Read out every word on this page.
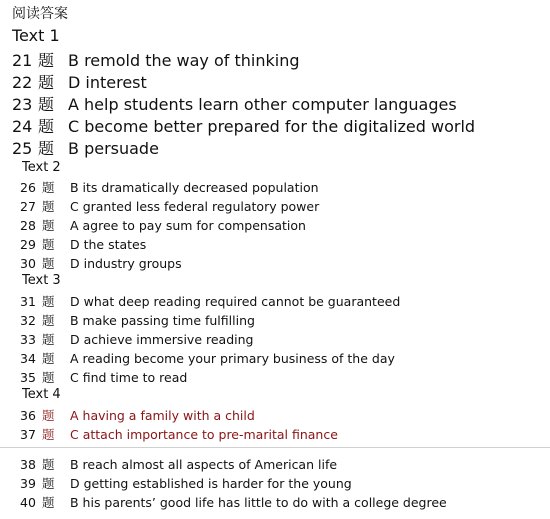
阅读答案
Text 1
21 题 B remold the way of thinking
22 题 D interest
23 题 A help students learn other computer languages
24 题 C become better prepared for the digitalized world
25 题 B persuade
Text 2
26 题 B its dramatically decreased population
27 题 C granted less federal regulatory power
28 题 A agree to pay sum for compensation
29 题 D the states
30 题 D industry groups
Text 3
31 题 D what deep reading required cannot be guaranteed
32 题 B make passing time fulfilling
33 题 D achieve immersive reading
34 题 A reading become your primary business of the day
35 题 C find time to read
Text 4
36 题 A having a family with a child
37 题 C attach importance to pre-marital finance
38 题 B reach almost all aspects of American life
39 题 D getting established is harder for the young
40 题 B his parents’ good life has little to do with a college degree
